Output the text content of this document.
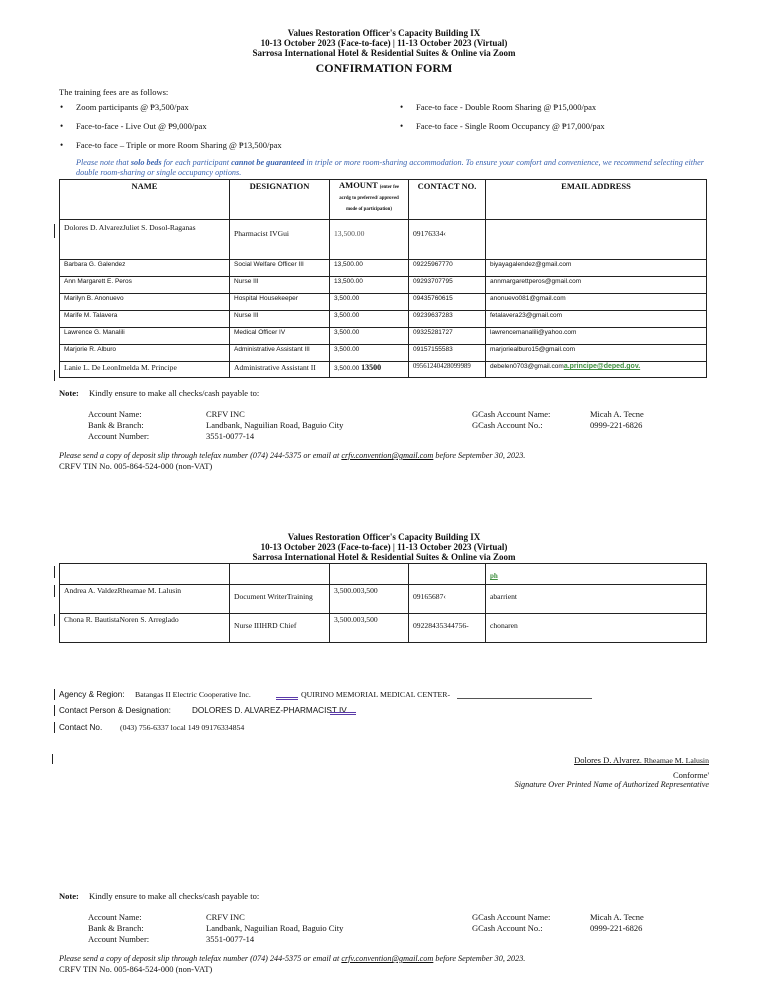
Values Restoration Officer's Capacity Building IX
10-13 October 2023 (Face-to-face) | 11-13 October 2023 (Virtual)
Sarrosa International Hotel & Residential Suites & Online via Zoom
CONFIRMATION FORM
The training fees are as follows:
• Zoom participants @ ₱3,500/pax
• Face-to-face - Live Out @ ₱9,000/pax
• Face-to face – Triple or more Room Sharing @ ₱13,500/pax
• Face-to face - Double Room Sharing @ ₱15,000/pax
• Face-to face - Single Room Occupancy @ ₱17,000/pax
Please note that solo beds for each participant cannot be guaranteed in triple or more room-sharing accommodation. To ensure your comfort and convenience, we recommend selecting either double room-sharing or single occupancy options.
NAME	DESIGNATION	AMOUNT (enter fee acrdg to preferred/ approved mode of participation)	CONTACT NO.	EMAIL ADDRESS
Dolores D. AlvarezJuliet S. Dosol-Raganas	Pharmacist IVGui	13,500.00	09176334‹	
Barbara G. Galendez	Social Welfare Officer III	13,500.00	09225967770	biyayagalendez@gmail.com
Ann Margarett E. Peros	Nurse III	13,500.00	09293707795	annmargarettperos@gmail.com
Marilyn B. Anonuevo	Hospital Housekeeper	3,500.00	09435760615	anonuevo081@gmail.com
Marife M. Talavera	Nurse III	3,500.00	09239637283	fetalavera23@gmail.com
Lawrence G. Manalili	Medical Officer IV	3,500.00	09325281727	lawrencemanalili@yahoo.com
Marjorie R. Alburo	Administrative Assistant III	3,500.00	09157155583	marjoriealburo15@gmail.com
Lanie L. De LeonImelda M. Principe	Administrative Assistant II	3,500.00 13500	09561240428099989	debelen0703@gmail.coma.principe@deped.gov.
Note: Kindly ensure to make all checks/cash payable to:
Account Name:	CRFV INC
Bank & Branch:	Landbank, Naguilian Road, Baguio City
Account Number:	3551-0077-14
GCash Account Name:	Micah A. Tecne
GCash Account No.:	0999-221-6826
Please send a copy of deposit slip through telefax number (074) 244-5375 or email at crfv.convention@gmail.com before September 30, 2023.
CRFV TIN No. 005-864-524-000 (non-VAT)
Values Restoration Officer's Capacity Building IX
10-13 October 2023 (Face-to-face) | 11-13 October 2023 (Virtual)
Sarrosa International Hotel & Residential Suites & Online via Zoom
				ph
Andrea A. ValdezRheamae M. Lalusin	Document WriterTraining	3,500.003,500	09165687‹	abarrient
Chona R. BautistaNoren S. Arreglado	Nurse IIIHRD Chief	3,500.003,500	09228435344756-	chonaren
Agency & Region: Batangas II Electric Cooperative Inc.	QUIRINO MEMORIAL MEDICAL CENTER-
Contact Person & Designation:	DOLORES D. ALVAREZ-PHARMACIST IV
Contact No. (043) 756-6337 local 149 09176334854
Dolores D. Alvarez. Rheamae M. Lalusin
Conforme'
Signature Over Printed Name of Authorized Representative
Note: Kindly ensure to make all checks/cash payable to:
Account Name:	CRFV INC
Bank & Branch:	Landbank, Naguilian Road, Baguio City
Account Number:	3551-0077-14
GCash Account Name:	Micah A. Tecne
GCash Account No.:	0999-221-6826
Please send a copy of deposit slip through telefax number (074) 244-5375 or email at crfv.convention@gmail.com before September 30, 2023.
CRFV TIN No. 005-864-524-000 (non-VAT)
